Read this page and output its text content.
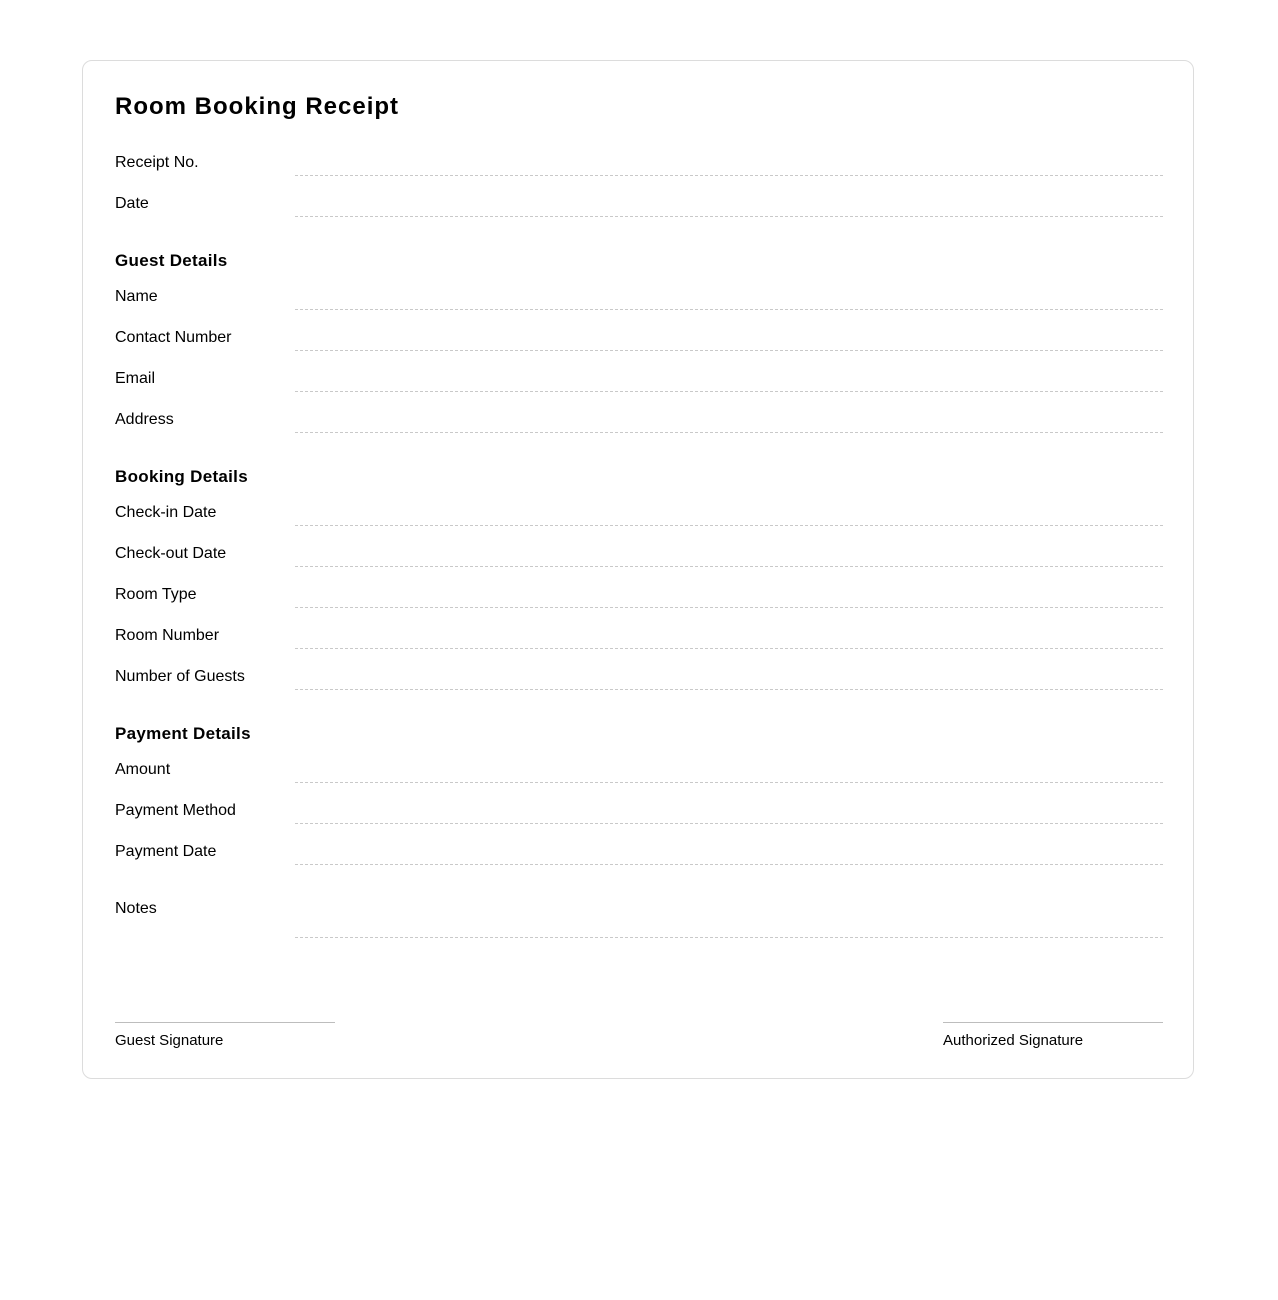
Room Booking Receipt
Receipt No.
Date
Guest Details
Name
Contact Number
Email
Address
Booking Details
Check-in Date
Check-out Date
Room Type
Room Number
Number of Guests
Payment Details
Amount
Payment Method
Payment Date
Notes
Guest Signature	Authorized Signature
